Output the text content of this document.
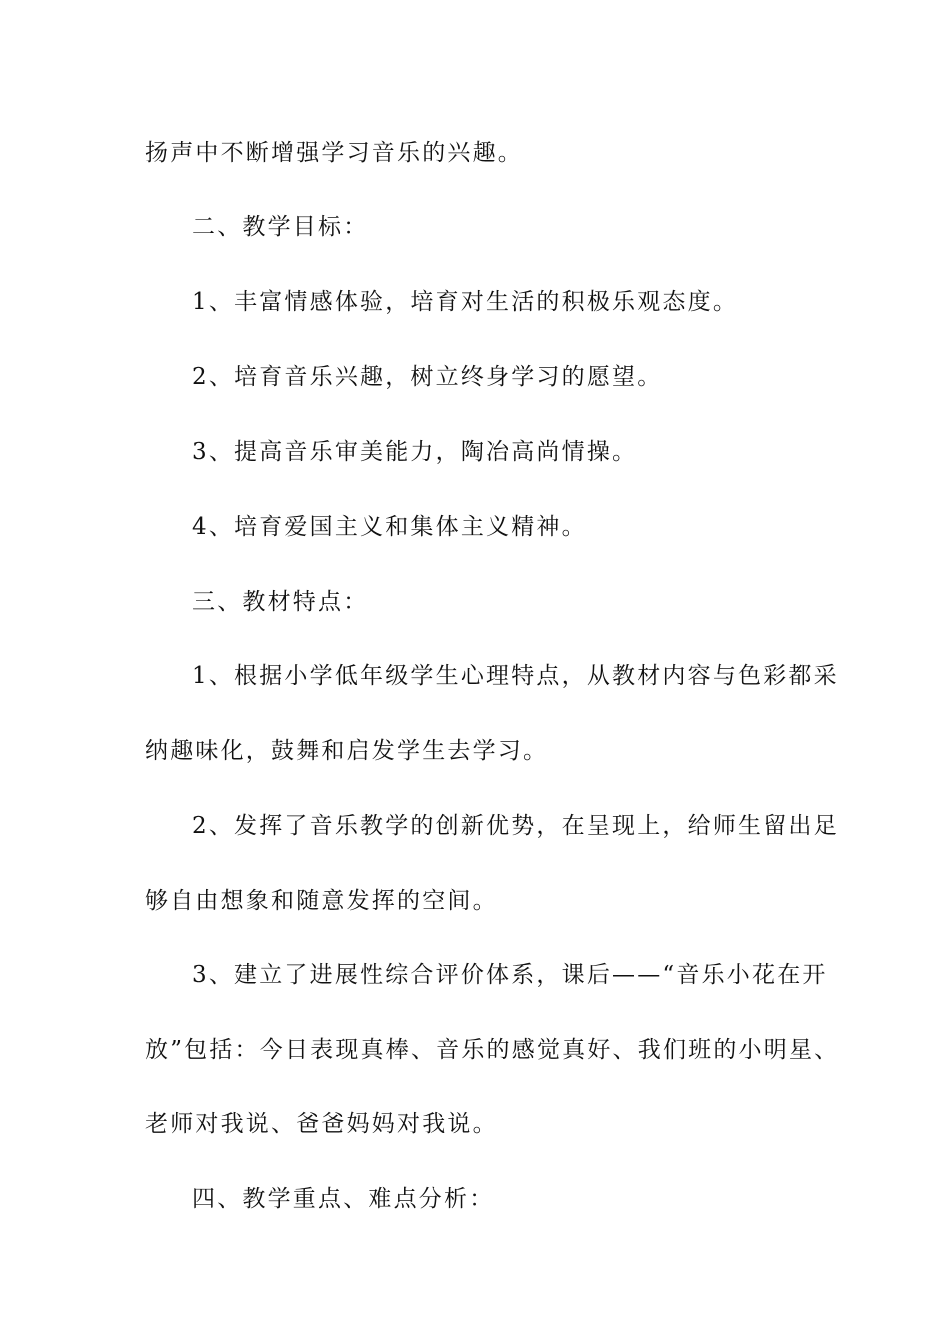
扬声中不断增强学习音乐的兴趣。
二、教学目标：
1、丰富情感体验，培育对生活的积极乐观态度。
2、培育音乐兴趣，树立终身学习的愿望。
3、提高音乐审美能力，陶冶高尚情操。
4、培育爱国主义和集体主义精神。
三、教材特点：
1、根据小学低年级学生心理特点，从教材内容与色彩都采
纳趣味化，鼓舞和启发学生去学习。
2、发挥了音乐教学的创新优势，在呈现上，给师生留出足
够自由想象和随意发挥的空间。
3、建立了进展性综合评价体系，课后——“音乐小花在开
放”包括：今日表现真棒、音乐的感觉真好、我们班的小明星、
老师对我说、爸爸妈妈对我说。
四、教学重点、难点分析：
